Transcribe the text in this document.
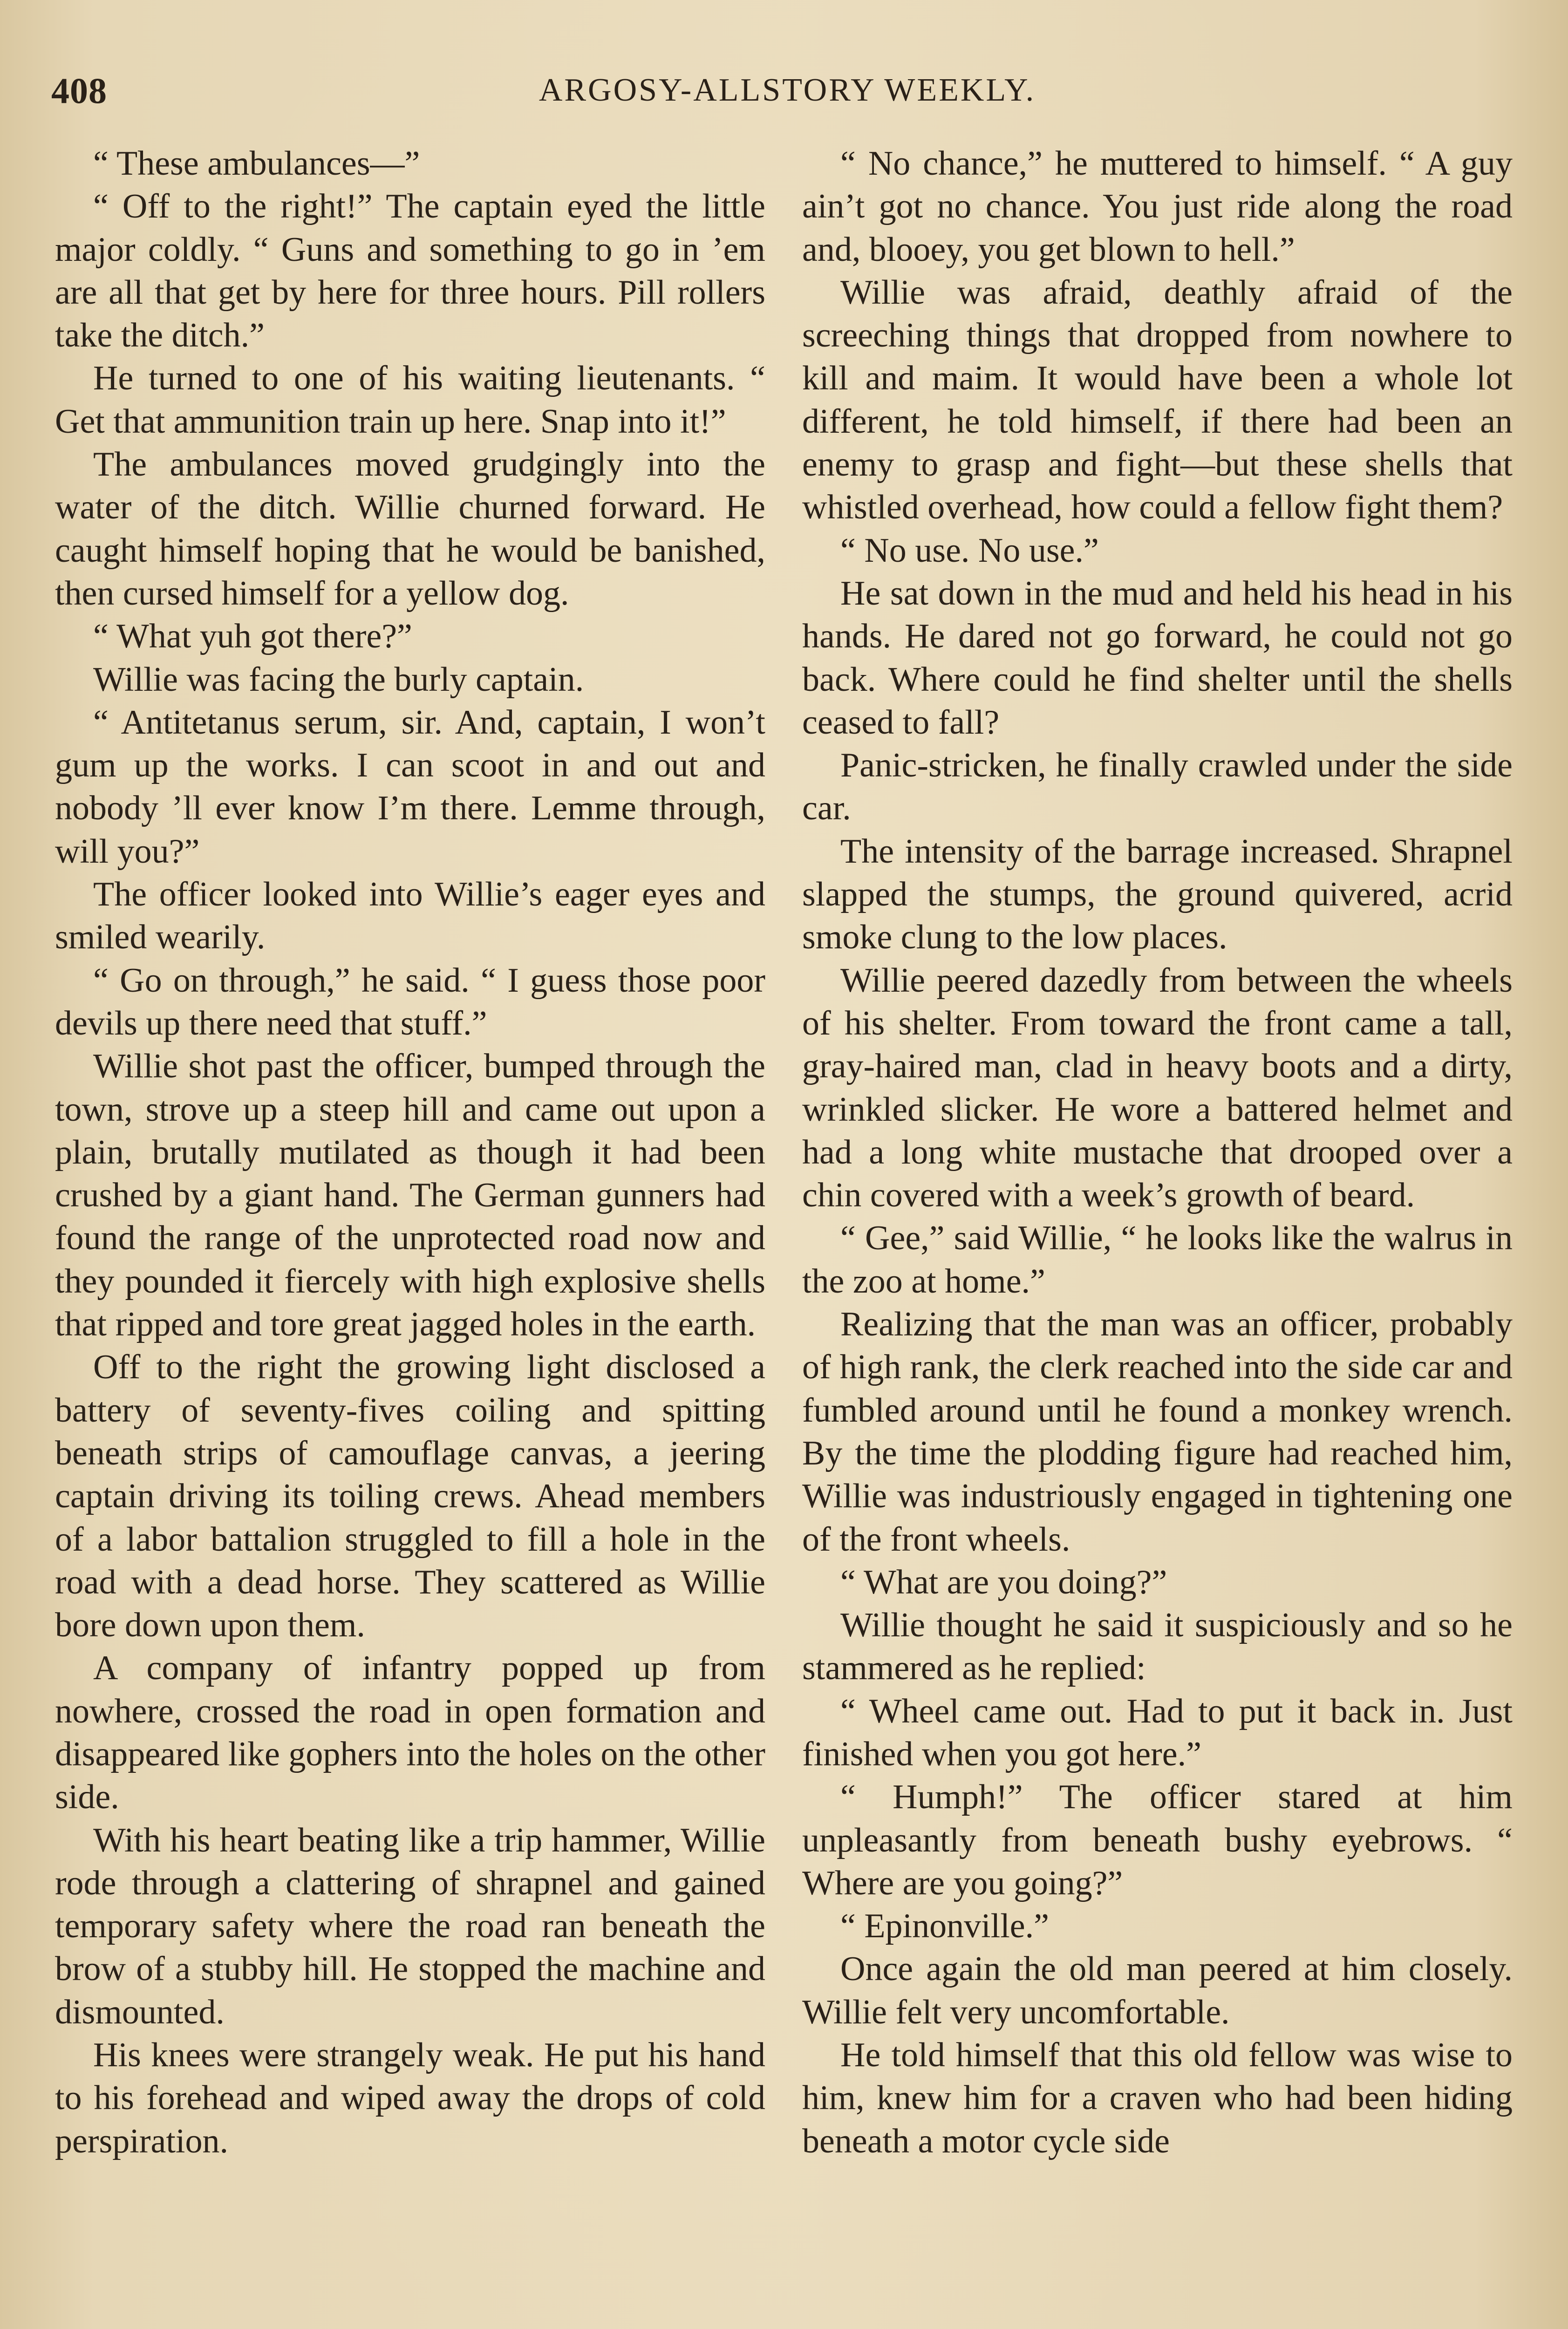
408	ARGOSY-ALLSTORY WEEKLY.

“ These ambulances—”

“ Off to the right!” The captain eyed the little major coldly. “ Guns and something to go in ’em are all that get by here for three hours. Pill rollers take the ditch.”

He turned to one of his waiting lieutenants. “ Get that ammunition train up here. Snap into it!”

The ambulances moved grudgingly into the water of the ditch. Willie churned forward. He caught himself hoping that he would be banished, then cursed himself for a yellow dog.

“ What yuh got there?”

Willie was facing the burly captain.

“ Antitetanus serum, sir. And, captain, I won’t gum up the works. I can scoot in and out and nobody ’ll ever know I’m there. Lemme through, will you?”

The officer looked into Willie’s eager eyes and smiled wearily.

“ Go on through,” he said. “ I guess those poor devils up there need that stuff.”

Willie shot past the officer, bumped through the town, strove up a steep hill and came out upon a plain, brutally mutilated as though it had been crushed by a giant hand. The German gunners had found the range of the unprotected road now and they pounded it fiercely with high explosive shells that ripped and tore great jagged holes in the earth.

Off to the right the growing light disclosed a battery of seventy-fives coiling and spitting beneath strips of camouflage canvas, a jeering captain driving its toiling crews. Ahead members of a labor battalion struggled to fill a hole in the road with a dead horse. They scattered as Willie bore down upon them.

A company of infantry popped up from nowhere, crossed the road in open formation and disappeared like gophers into the holes on the other side.

With his heart beating like a trip hammer, Willie rode through a clattering of shrapnel and gained temporary safety where the road ran beneath the brow of a stubby hill. He stopped the machine and dismounted.

His knees were strangely weak. He put his hand to his forehead and wiped away the drops of cold perspiration.

“ No chance,” he muttered to himself. “ A guy ain’t got no chance. You just ride along the road and, blooey, you get blown to hell.”

Willie was afraid, deathly afraid of the screeching things that dropped from nowhere to kill and maim. It would have been a whole lot different, he told himself, if there had been an enemy to grasp and fight—but these shells that whistled overhead, how could a fellow fight them?

“ No use. No use.”

He sat down in the mud and held his head in his hands. He dared not go forward, he could not go back. Where could he find shelter until the shells ceased to fall?

Panic-stricken, he finally crawled under the side car.

The intensity of the barrage increased. Shrapnel slapped the stumps, the ground quivered, acrid smoke clung to the low places.

Willie peered dazedly from between the wheels of his shelter. From toward the front came a tall, gray-haired man, clad in heavy boots and a dirty, wrinkled slicker. He wore a battered helmet and had a long white mustache that drooped over a chin covered with a week’s growth of beard.

“ Gee,” said Willie, “ he looks like the walrus in the zoo at home.”

Realizing that the man was an officer, probably of high rank, the clerk reached into the side car and fumbled around until he found a monkey wrench. By the time the plodding figure had reached him, Willie was industriously engaged in tightening one of the front wheels.

“ What are you doing?”

Willie thought he said it suspiciously and so he stammered as he replied:

“ Wheel came out. Had to put it back in. Just finished when you got here.”

“ Humph!” The officer stared at him unpleasantly from beneath bushy eyebrows. “ Where are you going?”

“ Epinonville.”

Once again the old man peered at him closely. Willie felt very uncomfortable.

He told himself that this old fellow was wise to him, knew him for a craven who had been hiding beneath a motor cycle side
